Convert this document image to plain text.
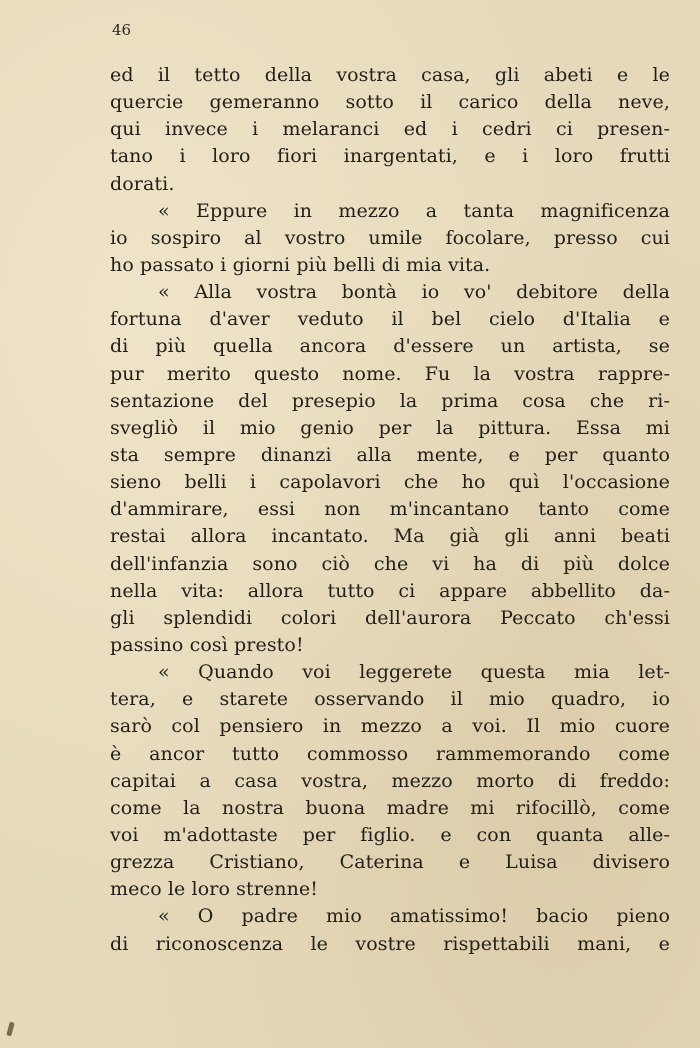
46
ed il tetto della vostra casa, gli abeti e le
quercie gemeranno sotto il carico della neve,
qui invece i melaranci ed i cedri ci presen-
tano i loro fiori inargentati, e i loro frutti
dorati.
« Eppure in mezzo a tanta magnificenza
io sospiro al vostro umile focolare, presso cui
ho passato i giorni più belli di mia vita.
« Alla vostra bontà io vo' debitore della
fortuna d'aver veduto il bel cielo d'Italia e
di più quella ancora d'essere un artista, se
pur merito questo nome. Fu la vostra rappre-
sentazione del presepio la prima cosa che ri-
svegliò il mio genio per la pittura. Essa mi
sta sempre dinanzi alla mente, e per quanto
sieno belli i capolavori che ho quì l'occasione
d'ammirare, essi non m'incantano tanto come
restai allora incantato. Ma già gli anni beati
dell'infanzia sono ciò che vi ha di più dolce
nella vita: allora tutto ci appare abbellito da-
gli splendidi colori dell'aurora Peccato ch'essi
passino così presto!
« Quando voi leggerete questa mia let-
tera, e starete osservando il mio quadro, io
sarò col pensiero in mezzo a voi. Il mio cuore
è ancor tutto commosso rammemorando come
capitai a casa vostra, mezzo morto di freddo:
come la nostra buona madre mi rifocillò, come
voi m'adottaste per figlio. e con quanta alle-
grezza Cristiano, Caterina e Luisa divisero
meco le loro strenne!
« O padre mio amatissimo! bacio pieno
di riconoscenza le vostre rispettabili mani, e
